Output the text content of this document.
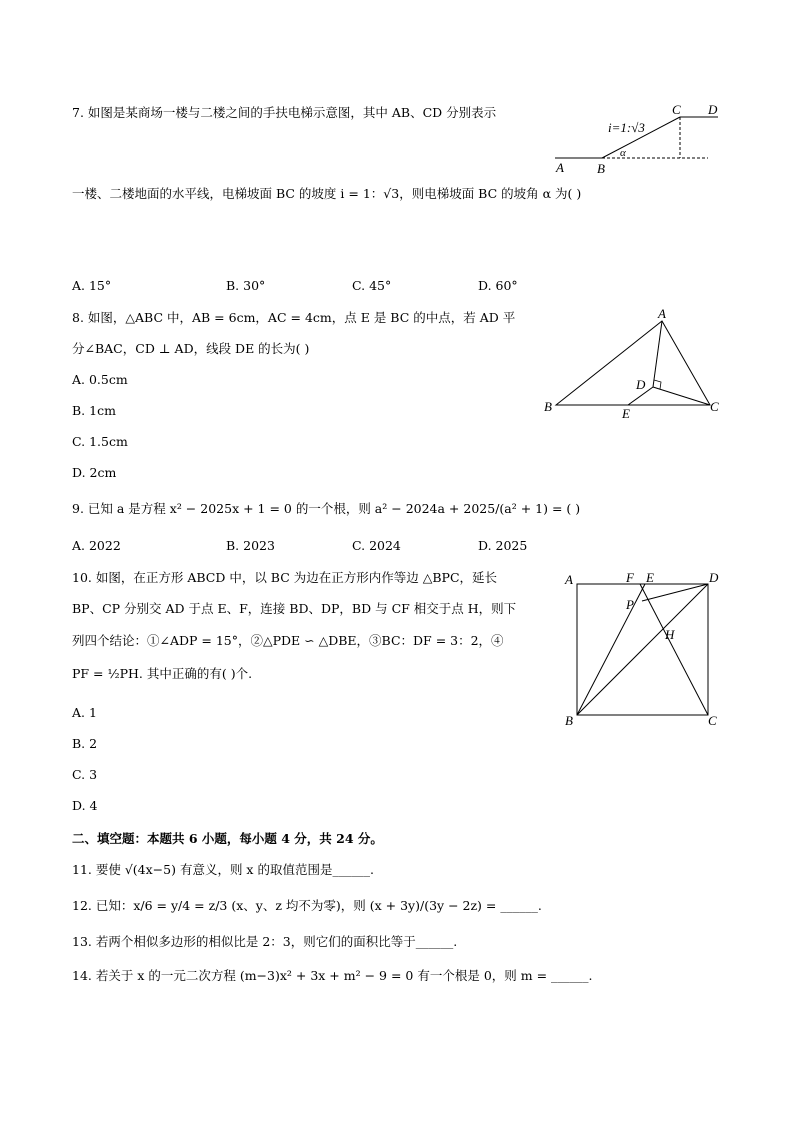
7. 如图是某商场一楼与二楼之间的手扶电梯示意图，其中 AB、CD 分别表示
一楼、二楼地面的水平线，电梯坡面 BC 的坡度 i = 1：√3，则电梯坡面 BC 的坡角 α 为( )
A. 15°	B. 30°	C. 45°	D. 60°
i=1:√3
A	B
C D
α
8. 如图，△ABC 中，AB = 6cm，AC = 4cm，点 E 是 BC 的中点，若 AD 平
分∠BAC，CD ⊥ AD，线段 DE 的长为( )
A. 0.5cm
B. 1cm
C. 1.5cm
D. 2cm
A
B	C
D
E
9. 已知 a 是方程 x² − 2025x + 1 = 0 的一个根，则 a² − 2024a + 2025/(a² + 1) = ( )
A. 2022	B. 2023	C. 2024	D. 2025
10. 如图，在正方形 ABCD 中，以 BC 为边在正方形内作等边 △BPC，延长
BP、CP 分别交 AD 于点 E、F，连接 BD、DP，BD 与 CF 相交于点 H，则下
列四个结论：①∠ADP = 15°，②△PDE ∽ △DBE，③BC：DF = 3：2，④
PF = ½PH. 其中正确的有( )个.
A. 1
B. 2
C. 3
D. 4
A
B	C
D
E
F
P
H
二、填空题：本题共 6 小题，每小题 4 分，共 24 分。
11. 要使 √(4x−5) 有意义，则 x 的取值范围是______.
12. 已知：x/6 = y/4 = z/3 (x、y、z 均不为零)，则 (x + 3y)/(3y − 2z) = ______.
13. 若两个相似多边形的相似比是 2：3，则它们的面积比等于______.
14. 若关于 x 的一元二次方程 (m−3)x² + 3x + m² − 9 = 0 有一个根是 0，则 m = ______.
